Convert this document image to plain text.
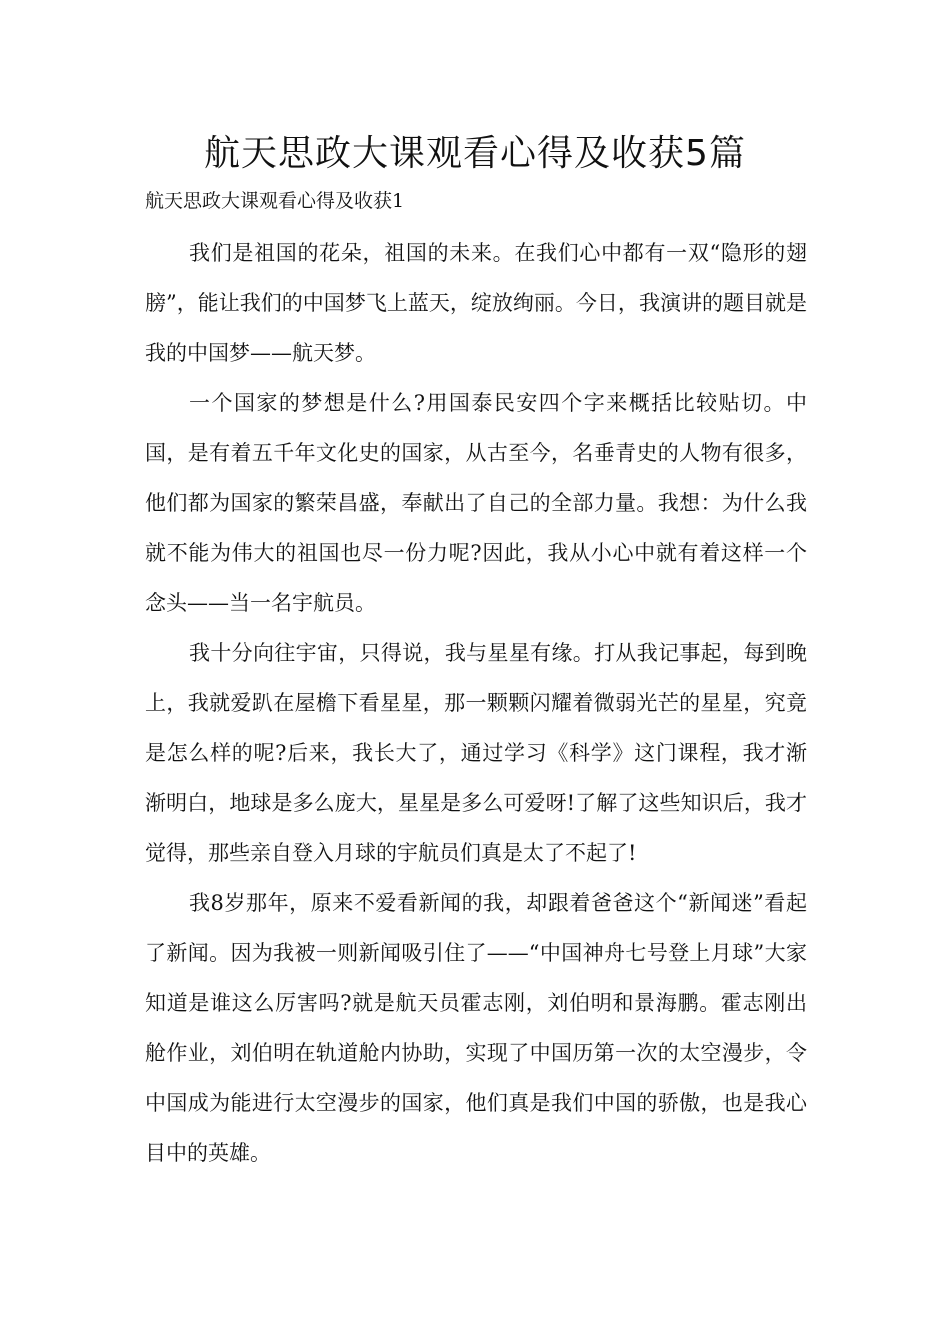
航天思政大课观看心得及收获5篇

航天思政大课观看心得及收获1

我们是祖国的花朵，祖国的未来。在我们心中都有一双“隐形的翅膀”，能让我们的中国梦飞上蓝天，绽放绚丽。今日，我演讲的题目就是我的中国梦——航天梦。

一个国家的梦想是什么?用国泰民安四个字来概括比较贴切。中国，是有着五千年文化史的国家，从古至今，名垂青史的人物有很多，他们都为国家的繁荣昌盛，奉献出了自己的全部力量。我想：为什么我就不能为伟大的祖国也尽一份力呢?因此，我从小心中就有着这样一个念头——当一名宇航员。

我十分向往宇宙，只得说，我与星星有缘。打从我记事起，每到晚上，我就爱趴在屋檐下看星星，那一颗颗闪耀着微弱光芒的星星，究竟是怎么样的呢?后来，我长大了，通过学习《科学》这门课程，我才渐渐明白，地球是多么庞大，星星是多么可爱呀!了解了这些知识后，我才觉得，那些亲自登入月球的宇航员们真是太了不起了!

我8岁那年，原来不爱看新闻的我，却跟着爸爸这个“新闻迷”看起了新闻。因为我被一则新闻吸引住了——“中国神舟七号登上月球”大家知道是谁这么厉害吗?就是航天员霍志刚，刘伯明和景海鹏。霍志刚出舱作业，刘伯明在轨道舱内协助，实现了中国历第一次的太空漫步，令中国成为能进行太空漫步的国家，他们真是我们中国的骄傲，也是我心目中的英雄。
